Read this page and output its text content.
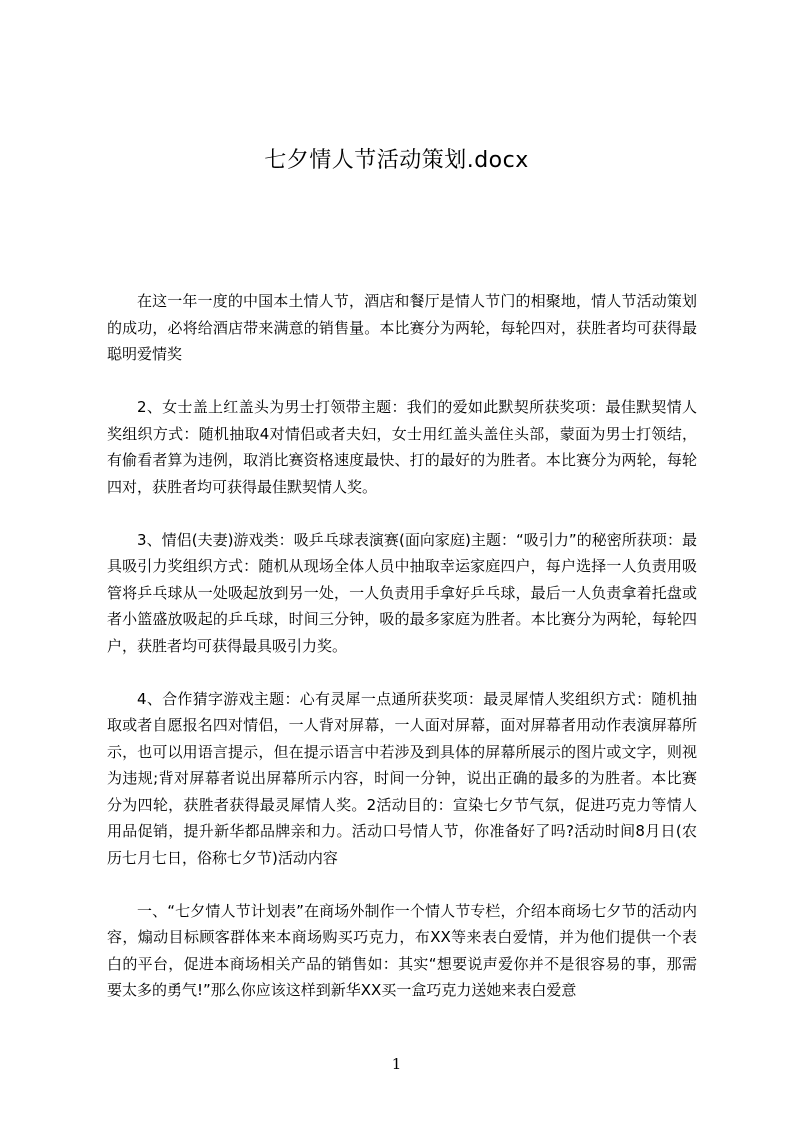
七夕情人节活动策划.docx

在这一年一度的中国本土情人节，酒店和餐厅是情人节门的相聚地，情人节活动策划的成功，必将给酒店带来满意的销售量。本比赛分为两轮，每轮四对，获胜者均可获得最聪明爱情奖

2、女士盖上红盖头为男士打领带主题：我们的爱如此默契所获奖项：最佳默契情人奖组织方式：随机抽取4对情侣或者夫妇，女士用红盖头盖住头部，蒙面为男士打领结，有偷看者算为违例，取消比赛资格速度最快、打的最好的为胜者。本比赛分为两轮，每轮四对，获胜者均可获得最佳默契情人奖。

3、情侣(夫妻)游戏类：吸乒乓球表演赛(面向家庭)主题：“吸引力”的秘密所获项：最具吸引力奖组织方式：随机从现场全体人员中抽取幸运家庭四户，每户选择一人负责用吸管将乒乓球从一处吸起放到另一处，一人负责用手拿好乒乓球，最后一人负责拿着托盘或者小篮盛放吸起的乒乓球，时间三分钟，吸的最多家庭为胜者。本比赛分为两轮，每轮四户，获胜者均可获得最具吸引力奖。

4、合作猜字游戏主题：心有灵犀一点通所获奖项：最灵犀情人奖组织方式：随机抽取或者自愿报名四对情侣，一人背对屏幕，一人面对屏幕，面对屏幕者用动作表演屏幕所示，也可以用语言提示，但在提示语言中若涉及到具体的屏幕所展示的图片或文字，则视为违规;背对屏幕者说出屏幕所示内容，时间一分钟，说出正确的最多的为胜者。本比赛分为四轮，获胜者获得最灵犀情人奖。2活动目的：宣染七夕节气氛，促进巧克力等情人用品促销，提升新华都品牌亲和力。活动口号情人节，你准备好了吗?活动时间8月日(农历七月七日，俗称七夕节)活动内容

一、“七夕情人节计划表”在商场外制作一个情人节专栏，介绍本商场七夕节的活动内容，煽动目标顾客群体来本商场购买巧克力，布XX等来表白爱情，并为他们提供一个表白的平台，促进本商场相关产品的销售如：其实“想要说声爱你并不是很容易的事，那需要太多的勇气!”那么你应该这样到新华XX买一盒巧克力送她来表白爱意

1
